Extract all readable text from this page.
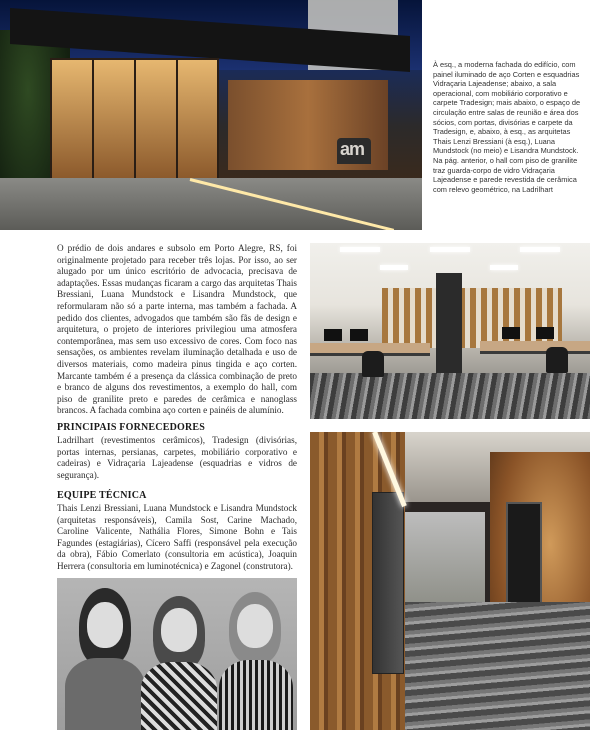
am
À esq., a moderna fachada do edifício, com painel iluminado de aço Corten e esquadrias Vidraçaria Lajeadense; abaixo, a sala operacional, com mobiliário corporativo e carpete Tradesign; mais abaixo, o espaço de circulação entre salas de reunião e área dos sócios, com portas, divisórias e carpete da Tradesign, e, abaixo, à esq., as arquitetas Thais Lenzi Bressiani (à esq.), Luana Mundstock (no meio) e Lisandra Mundstock. Na pág. anterior, o hall com piso de granilite traz guarda-corpo de vidro Vidraçaria Lajeadense e parede revestida de cerâmica com relevo geométrico, na Ladrilhart
O prédio de dois andares e subsolo em Porto Alegre, RS, foi originalmente projetado para receber três lojas. Por isso, ao ser alugado por um único escritório de advocacia, precisava de adaptações. Essas mudanças ficaram a cargo das arquitetas Thais Bressiani, Luana Mundstock e Lisandra Mundstock, que reformularam não só a parte interna, mas também a fachada. A pedido dos clientes, advogados que também são fãs de design e arquitetura, o projeto de interiores privilegiou uma atmosfera contemporânea, mas sem uso excessivo de cores. Com foco nas sensações, os ambientes revelam iluminação detalhada e uso de diversos materiais, como madeira pinus tingida e aço corten. Marcante também é a presença da clássica combinação de preto e branco de alguns dos revestimentos, a exemplo do hall, com piso de granilite preto e paredes de cerâmica e nanoglass brancos. A fachada combina aço corten e painéis de alumínio.
PRINCIPAIS FORNECEDORES
Ladrilhart (revestimentos cerâmicos), Tradesign (divisórias, portas internas, persianas, carpetes, mobiliário corporativo e cadeiras) e Vidraçaria Lajeadense (esquadrias e vidros de segurança).
EQUIPE TÉCNICA
Thais Lenzi Bressiani, Luana Mundstock e Lisandra Mundstock (arquitetas responsáveis), Camila Sost, Carine Machado, Caroline Valicente, Nathália Flores, Simone Bohn e Tais Fagundes (estagiárias), Cícero Saffi (responsável pela execução da obra), Fábio Comerlato (consultoria em acústica), Joaquin Herrera (consultoria em luminotécnica) e Zagonel (construtora).
